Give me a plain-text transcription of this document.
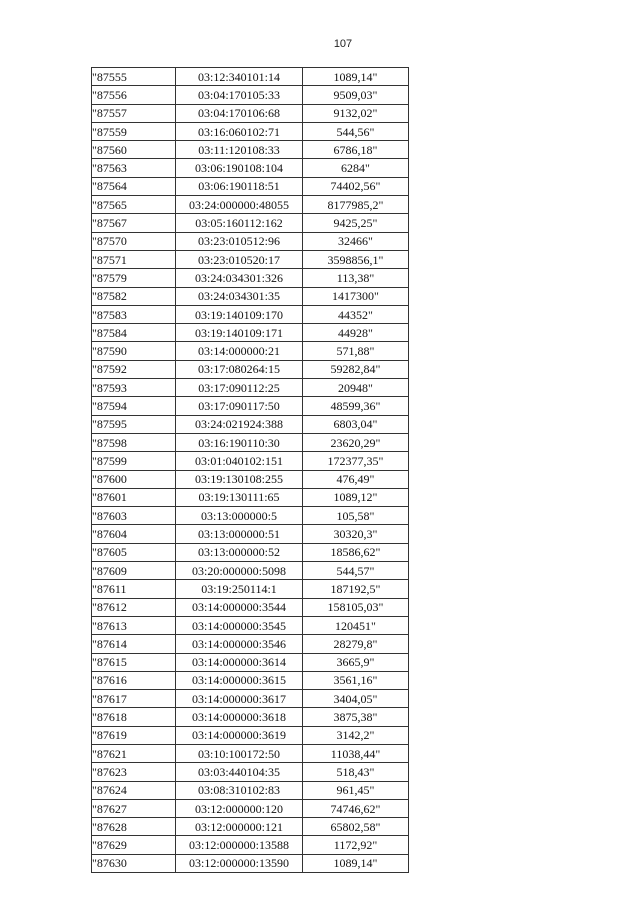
107
"87555	03:12:340101:14	1089,14"
"87556	03:04:170105:33	9509,03"
"87557	03:04:170106:68	9132,02"
"87559	03:16:060102:71	544,56"
"87560	03:11:120108:33	6786,18"
"87563	03:06:190108:104	6284"
"87564	03:06:190118:51	74402,56"
"87565	03:24:000000:48055	8177985,2"
"87567	03:05:160112:162	9425,25"
"87570	03:23:010512:96	32466"
"87571	03:23:010520:17	3598856,1"
"87579	03:24:034301:326	113,38"
"87582	03:24:034301:35	1417300"
"87583	03:19:140109:170	44352"
"87584	03:19:140109:171	44928"
"87590	03:14:000000:21	571,88"
"87592	03:17:080264:15	59282,84"
"87593	03:17:090112:25	20948"
"87594	03:17:090117:50	48599,36"
"87595	03:24:021924:388	6803,04"
"87598	03:16:190110:30	23620,29"
"87599	03:01:040102:151	172377,35"
"87600	03:19:130108:255	476,49"
"87601	03:19:130111:65	1089,12"
"87603	03:13:000000:5	105,58"
"87604	03:13:000000:51	30320,3"
"87605	03:13:000000:52	18586,62"
"87609	03:20:000000:5098	544,57"
"87611	03:19:250114:1	187192,5"
"87612	03:14:000000:3544	158105,03"
"87613	03:14:000000:3545	120451"
"87614	03:14:000000:3546	28279,8"
"87615	03:14:000000:3614	3665,9"
"87616	03:14:000000:3615	3561,16"
"87617	03:14:000000:3617	3404,05"
"87618	03:14:000000:3618	3875,38"
"87619	03:14:000000:3619	3142,2"
"87621	03:10:100172:50	11038,44"
"87623	03:03:440104:35	518,43"
"87624	03:08:310102:83	961,45"
"87627	03:12:000000:120	74746,62"
"87628	03:12:000000:121	65802,58"
"87629	03:12:000000:13588	1172,92"
"87630	03:12:000000:13590	1089,14"
